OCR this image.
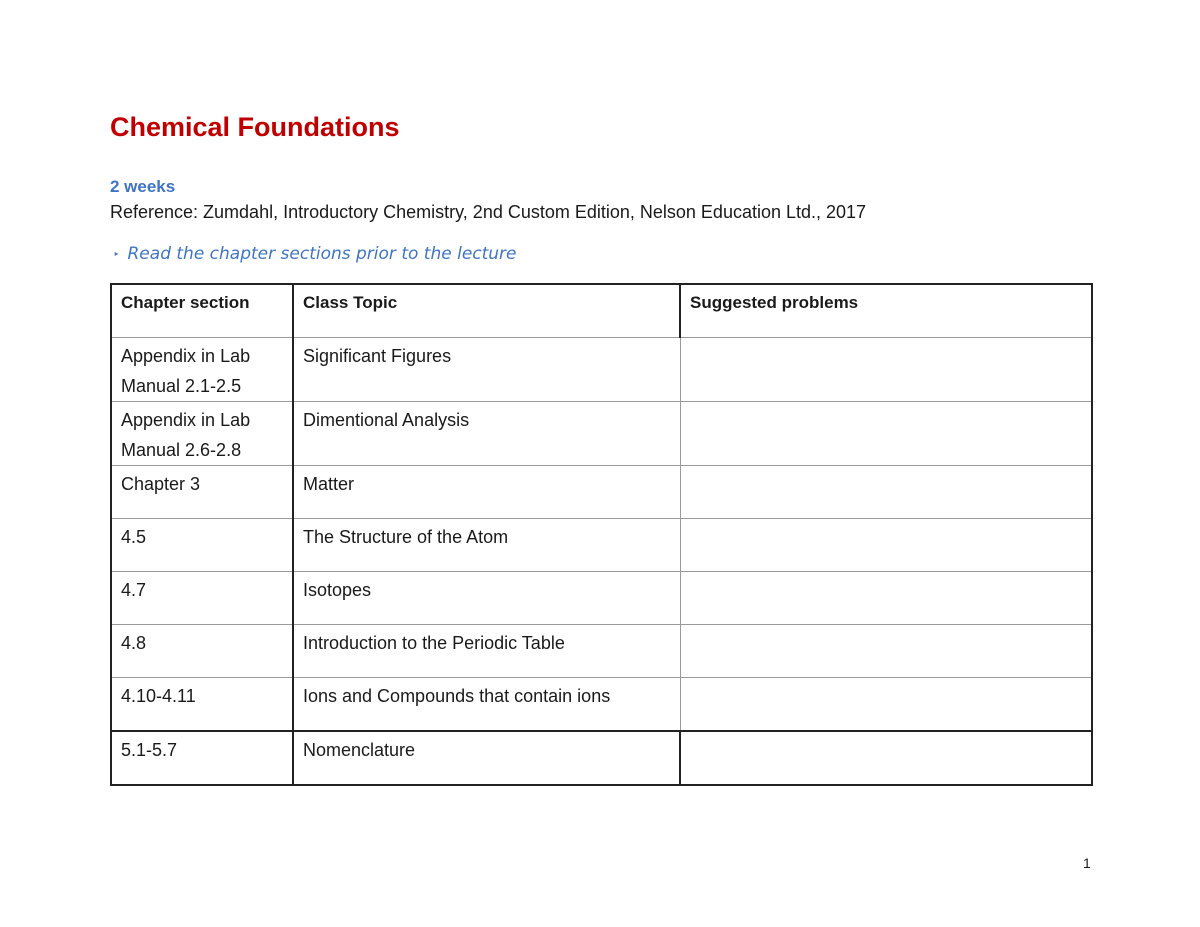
Chemical Foundations
2 weeks
Reference: Zumdahl, Introductory Chemistry, 2nd Custom Edition, Nelson Education Ltd., 2017
‣ Read the chapter sections prior to the lecture
Chapter section	Class Topic	Suggested problems

Appendix in Lab
Manual 2.1-2.5	Significant Figures	

Appendix in Lab
Manual 2.6-2.8	Dimentional Analysis	
Chapter 3	Matter	
4.5	The Structure of the Atom	
4.7	Isotopes	
4.8	Introduction to the Periodic Table	
4.10-4.11	Ions and Compounds that contain ions	
5.1-5.7	Nomenclature	
1
